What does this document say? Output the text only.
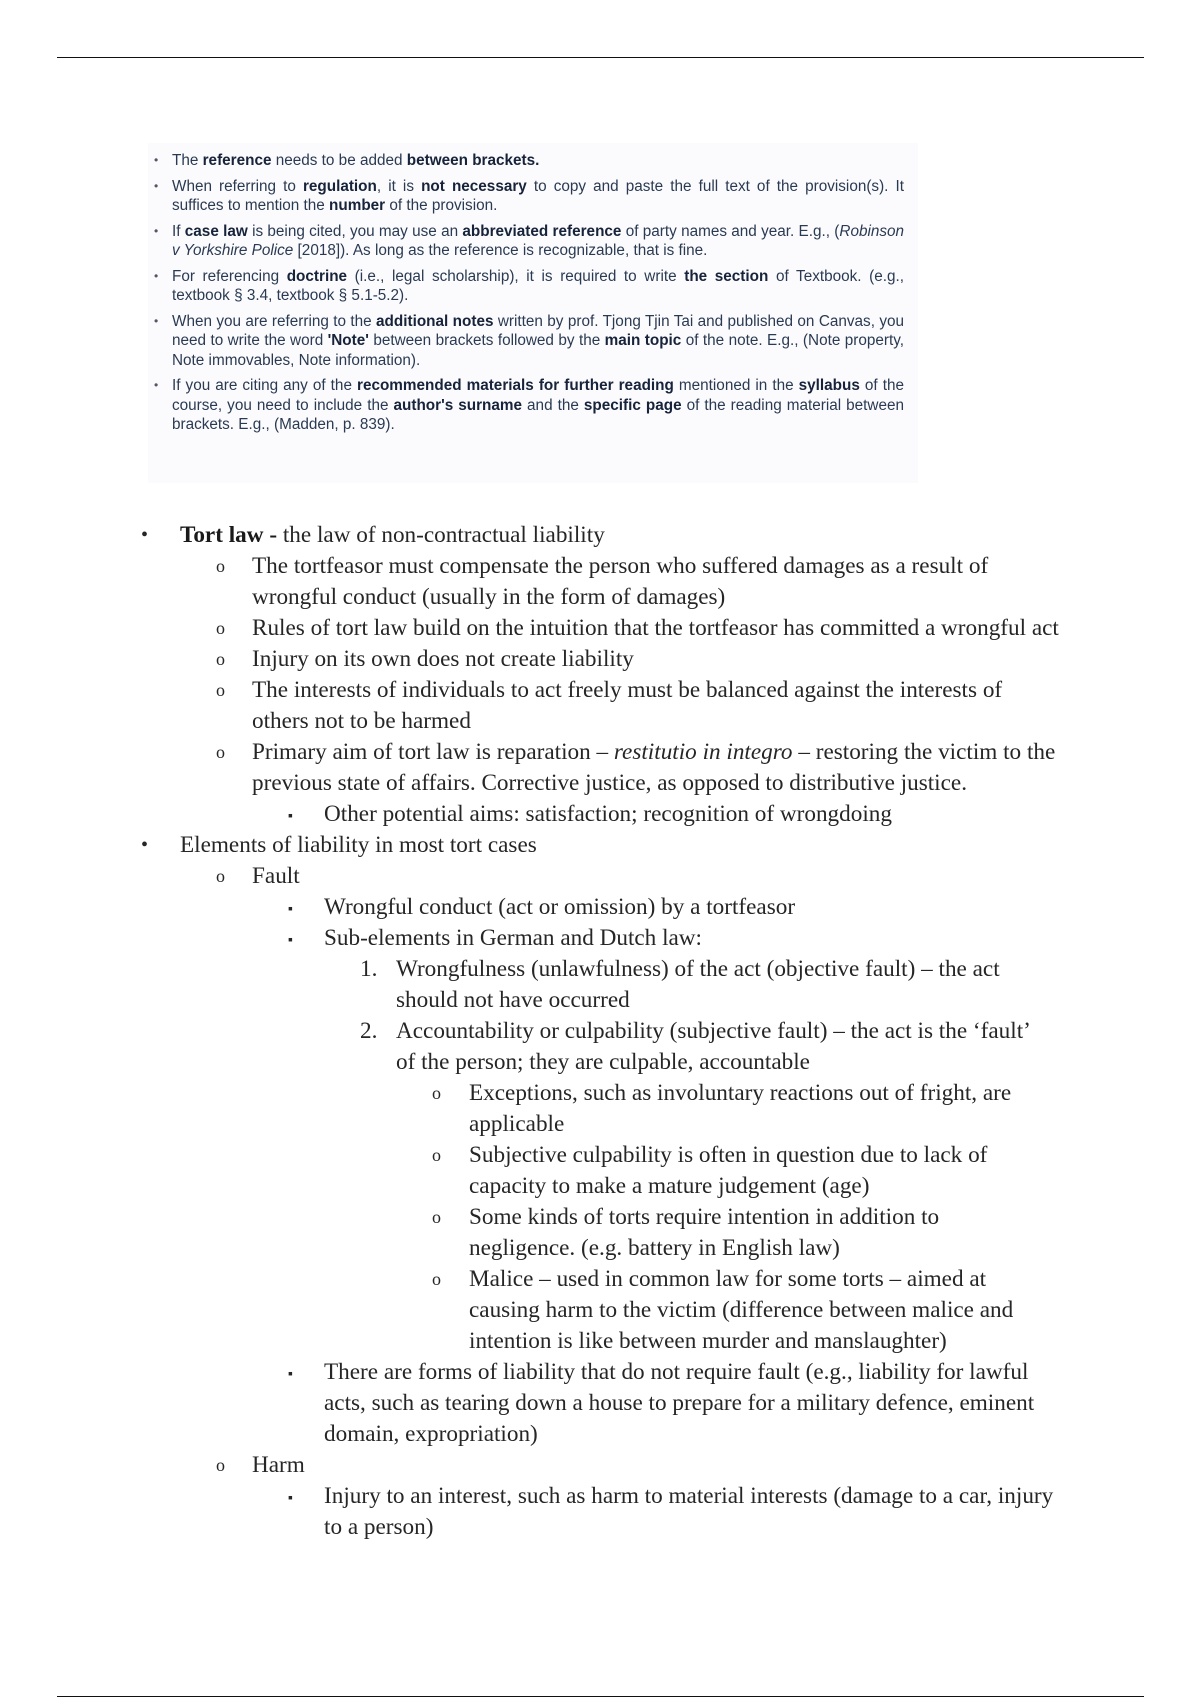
• The reference needs to be added between brackets.
• When referring to regulation, it is not necessary to copy and paste the full text of the provision(s). It suffices to mention the number of the provision.
• If case law is being cited, you may use an abbreviated reference of party names and year. E.g., (Robinson v Yorkshire Police [2018]). As long as the reference is recognizable, that is fine.
• For referencing doctrine (i.e., legal scholarship), it is required to write the section of Textbook. (e.g., textbook § 3.4, textbook § 5.1-5.2).
• When you are referring to the additional notes written by prof. Tjong Tjin Tai and published on Canvas, you need to write the word 'Note' between brackets followed by the main topic of the note. E.g., (Note property, Note immovables, Note information).
• If you are citing any of the recommended materials for further reading mentioned in the syllabus of the course, you need to include the author's surname and the specific page of the reading material between brackets. E.g., (Madden, p. 839).
• Tort law - the law of non-contractual liability
o The tortfeasor must compensate the person who suffered damages as a result of wrongful conduct (usually in the form of damages)
o Rules of tort law build on the intuition that the tortfeasor has committed a wrongful act
o Injury on its own does not create liability
o The interests of individuals to act freely must be balanced against the interests of others not to be harmed
o Primary aim of tort law is reparation – restitutio in integro – restoring the victim to the previous state of affairs. Corrective justice, as opposed to distributive justice.
▪ Other potential aims: satisfaction; recognition of wrongdoing
• Elements of liability in most tort cases
o Fault
▪ Wrongful conduct (act or omission) by a tortfeasor
▪ Sub-elements in German and Dutch law:
1. Wrongfulness (unlawfulness) of the act (objective fault) – the act should not have occurred
2. Accountability or culpability (subjective fault) – the act is the ‘fault’ of the person; they are culpable, accountable
o Exceptions, such as involuntary reactions out of fright, are applicable
o Subjective culpability is often in question due to lack of capacity to make a mature judgement (age)
o Some kinds of torts require intention in addition to negligence. (e.g. battery in English law)
o Malice – used in common law for some torts – aimed at causing harm to the victim (difference between malice and intention is like between murder and manslaughter)
▪ There are forms of liability that do not require fault (e.g., liability for lawful acts, such as tearing down a house to prepare for a military defence, eminent domain, expropriation)
o Harm
▪ Injury to an interest, such as harm to material interests (damage to a car, injury to a person)
